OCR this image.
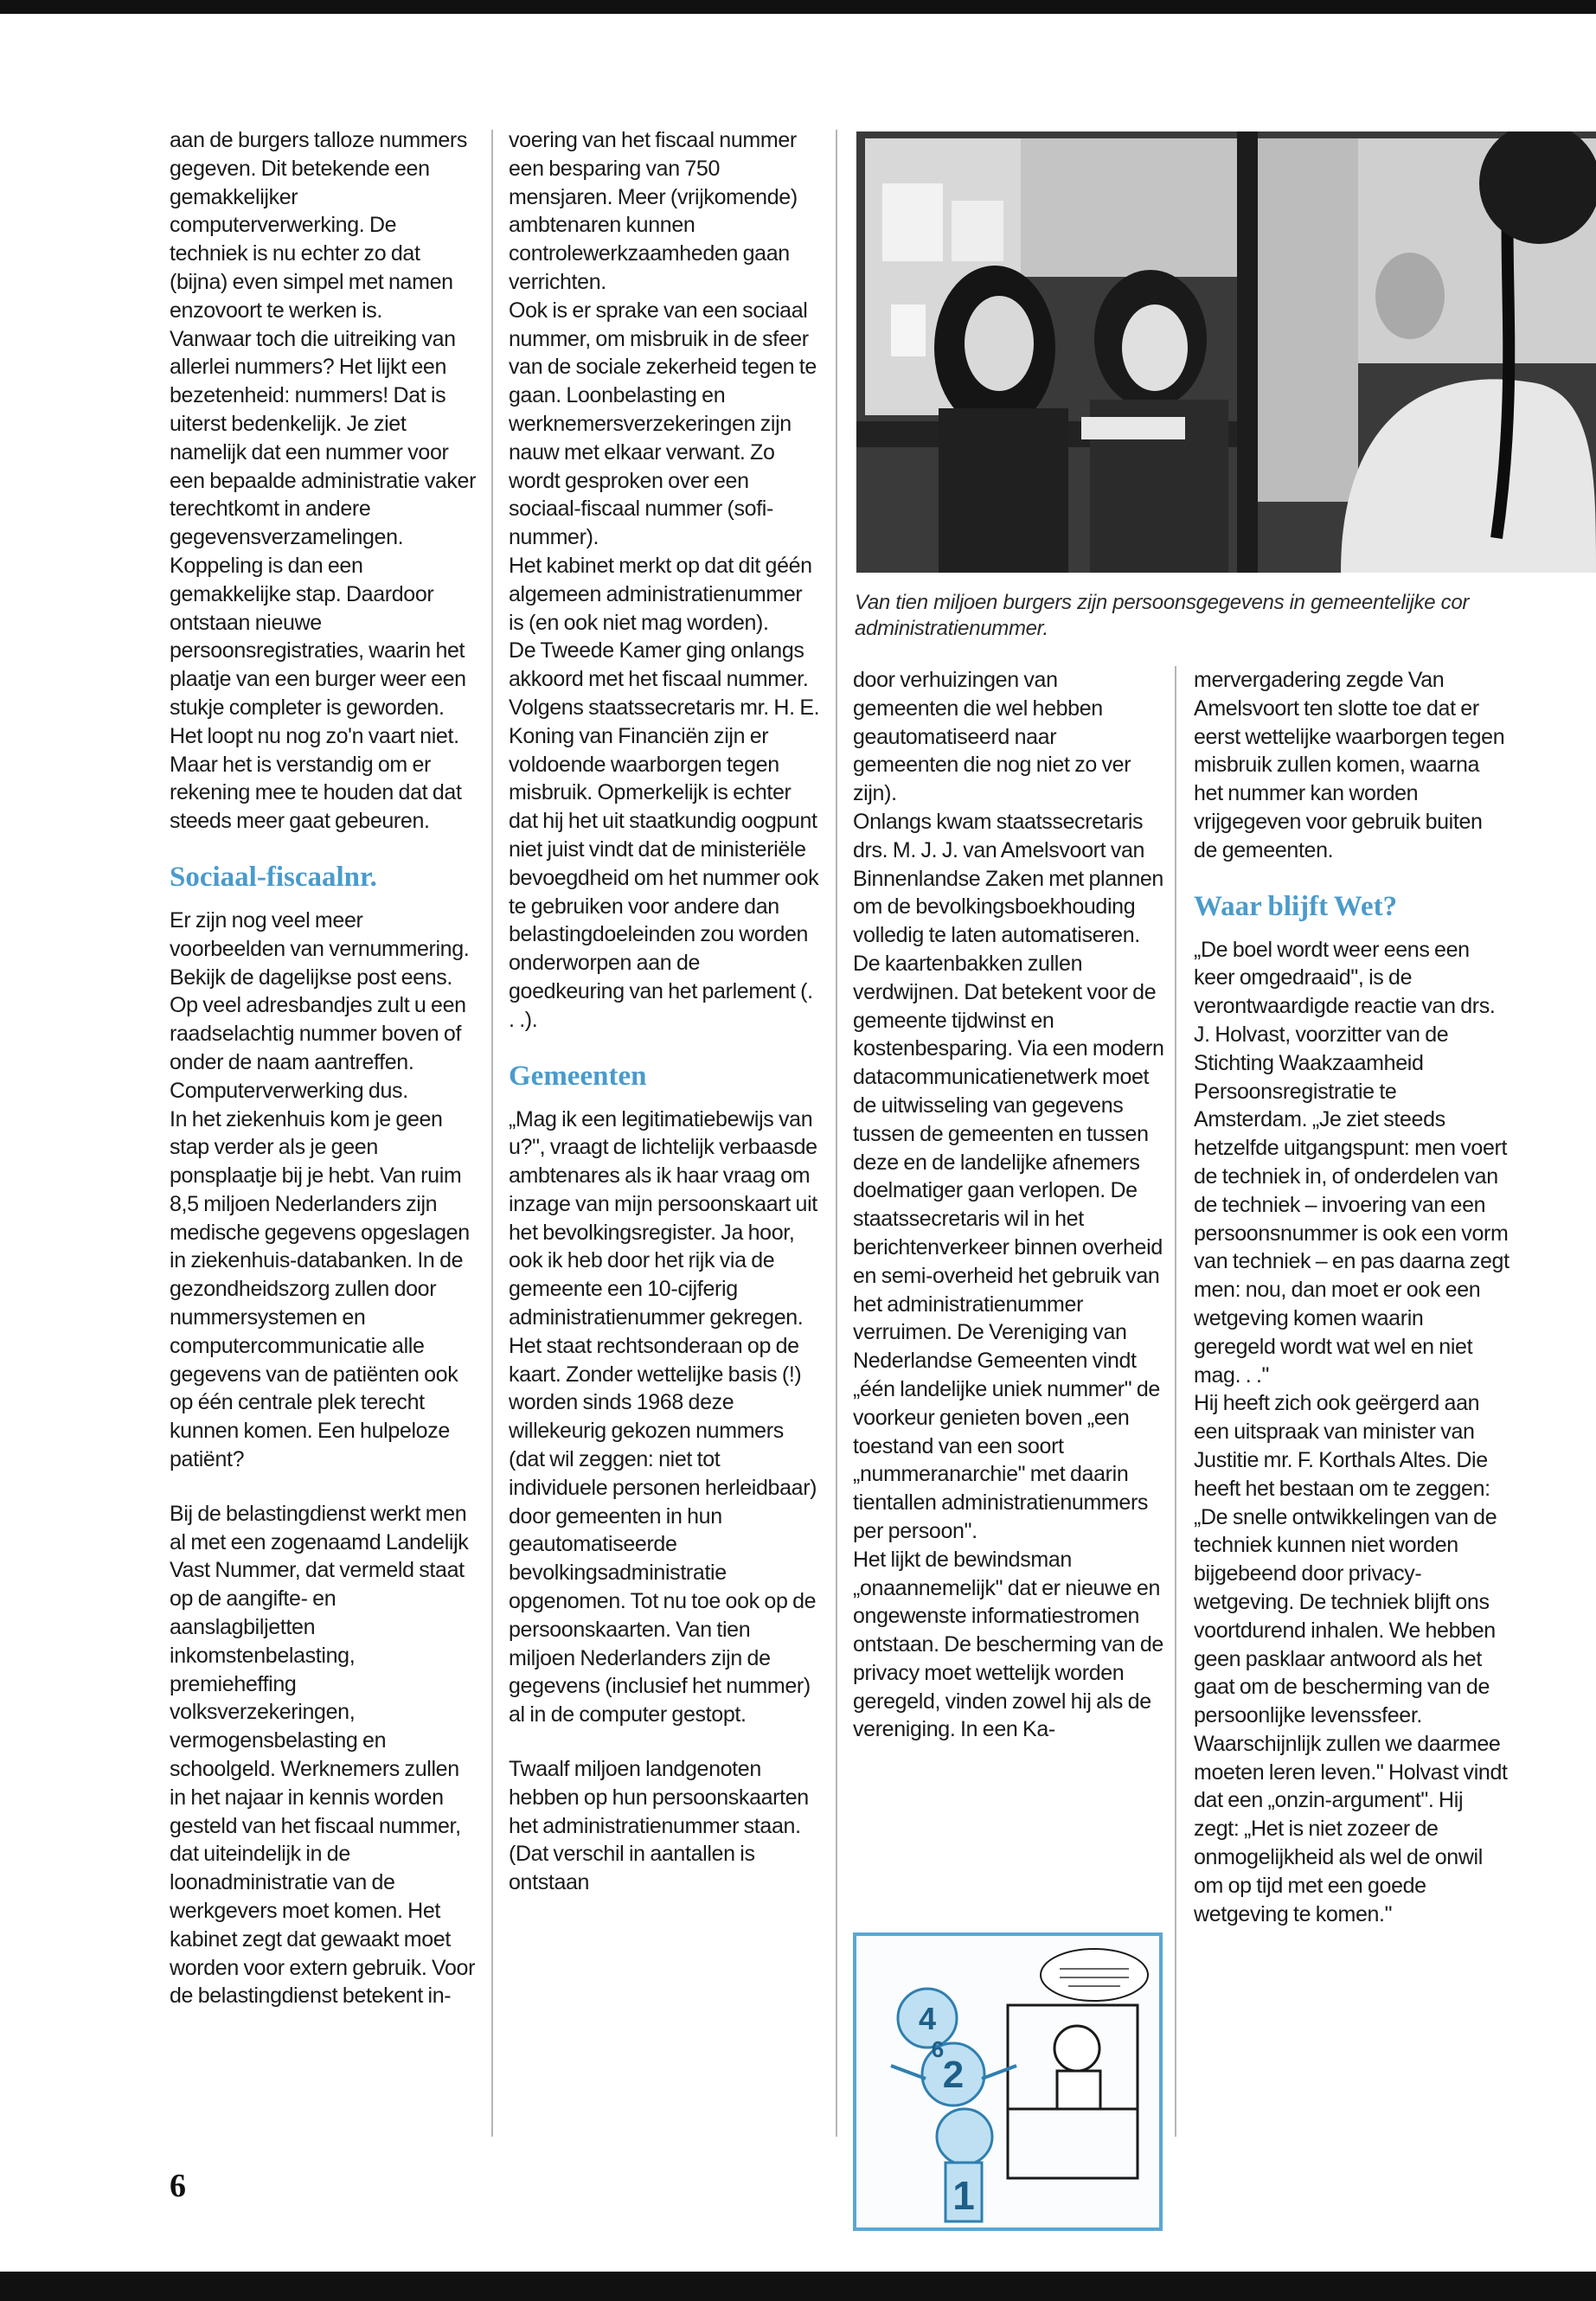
aan de burgers talloze nummers gegeven. Dit betekende een gemakkelijker computerverwerking. De techniek is nu echter zo dat (bijna) even simpel met namen enzovoort te werken is.

Vanwaar toch die uitreiking van allerlei nummers? Het lijkt een bezetenheid: nummers! Dat is uiterst bedenkelijk. Je ziet namelijk dat een nummer voor een bepaalde administratie vaker terechtkomt in andere gegevensverzamelingen.

Koppeling is dan een gemakkelijke stap. Daardoor ontstaan nieuwe persoonsregistraties, waarin het plaatje van een burger weer een stukje completer is geworden. Het loopt nu nog zo'n vaart niet. Maar het is verstandig om er rekening mee te houden dat dat steeds meer gaat gebeuren.

Sociaal-fiscaalnr.

Er zijn nog veel meer voorbeelden van vernummering. Bekijk de dagelijkse post eens. Op veel adresbandjes zult u een raadselachtig nummer boven of onder de naam aantreffen. Computerverwerking dus.

In het ziekenhuis kom je geen stap verder als je geen ponsplaatje bij je hebt. Van ruim 8,5 miljoen Nederlanders zijn medische gegevens opgeslagen in ziekenhuis-databanken. In de gezondheidszorg zullen door nummersystemen en computercommunicatie alle gegevens van de patiënten ook op één centrale plek terecht kunnen komen. Een hulpeloze patiënt?

Bij de belastingdienst werkt men al met een zogenaamd Landelijk Vast Nummer, dat vermeld staat op de aangifte- en aanslagbiljetten inkomstenbelasting, premieheffing volksverzekeringen, vermogensbelasting en schoolgeld. Werknemers zullen in het najaar in kennis worden gesteld van het fiscaal nummer, dat uiteindelijk in de loonadministratie van de werkgevers moet komen. Het kabinet zegt dat gewaakt moet worden voor extern gebruik. Voor de belastingdienst betekent in-

voering van het fiscaal nummer een besparing van 750 mensjaren. Meer (vrijkomende) ambtenaren kunnen controlewerkzaamheden gaan verrichten.

Ook is er sprake van een sociaal nummer, om misbruik in de sfeer van de sociale zekerheid tegen te gaan. Loonbelasting en werknemersverzekeringen zijn nauw met elkaar verwant. Zo wordt gesproken over een sociaal-fiscaal nummer (sofi-nummer).

Het kabinet merkt op dat dit géén algemeen administratienummer is (en ook niet mag worden).

De Tweede Kamer ging onlangs akkoord met het fiscaal nummer. Volgens staatssecretaris mr. H. E. Koning van Financiën zijn er voldoende waarborgen tegen misbruik. Opmerkelijk is echter dat hij het uit staatkundig oogpunt niet juist vindt dat de ministeriële bevoegdheid om het nummer ook te gebruiken voor andere dan belastingdoeleinden zou worden onderworpen aan de goedkeuring van het parlement (. . .).

Gemeenten

„Mag ik een legitimatiebewijs van u?", vraagt de lichtelijk verbaasde ambtenares als ik haar vraag om inzage van mijn persoonskaart uit het bevolkingsregister. Ja hoor, ook ik heb door het rijk via de gemeente een 10-cijferig administratienummer gekregen. Het staat rechtsonderaan op de kaart. Zonder wettelijke basis (!) worden sinds 1968 deze willekeurig gekozen nummers (dat wil zeggen: niet tot individuele personen herleidbaar) door gemeenten in hun geautomatiseerde bevolkingsadministratie opgenomen. Tot nu toe ook op de persoonskaarten. Van tien miljoen Nederlanders zijn de gegevens (inclusief het nummer) al in de computer gestopt.

Twaalf miljoen landgenoten hebben op hun persoonskaarten het administratienummer staan. (Dat verschil in aantallen is ontstaan

Van tien miljoen burgers zijn persoonsgegevens in gemeentelijke cor
administratienummer.

door verhuizingen van gemeenten die wel hebben geautomatiseerd naar gemeenten die nog niet zo ver zijn).

Onlangs kwam staatssecretaris drs. M. J. J. van Amelsvoort van Binnenlandse Zaken met plannen om de bevolkingsboekhouding volledig te laten automatiseren. De kaartenbakken zullen verdwijnen. Dat betekent voor de gemeente tijdwinst en kostenbesparing. Via een modern datacommunicatienetwerk moet de uitwisseling van gegevens tussen de gemeenten en tussen deze en de landelijke afnemers doelmatiger gaan verlopen. De staatssecretaris wil in het berichtenverkeer binnen overheid en semi-overheid het gebruik van het administratienummer verruimen. De Vereniging van Nederlandse Gemeenten vindt „één landelijke uniek nummer" de voorkeur genieten boven „een toestand van een soort „nummeranarchie" met daarin tientallen administratienummers per persoon".

Het lijkt de bewindsman „onaannemelijk" dat er nieuwe en ongewenste informatiestromen ontstaan. De bescherming van de privacy moet wettelijk worden geregeld, vinden zowel hij als de vereniging. In een Ka-

4
6
2
1

mervergadering zegde Van Amelsvoort ten slotte toe dat er eerst wettelijke waarborgen tegen misbruik zullen komen, waarna het nummer kan worden vrijgegeven voor gebruik buiten de gemeenten.

Waar blijft Wet?

„De boel wordt weer eens een keer omgedraaid", is de verontwaardigde reactie van drs. J. Holvast, voorzitter van de Stichting Waakzaamheid Persoonsregistratie te Amsterdam. „Je ziet steeds hetzelfde uitgangspunt: men voert de techniek in, of onderdelen van de techniek – invoering van een persoonsnummer is ook een vorm van techniek – en pas daarna zegt men: nou, dan moet er ook een wetgeving komen waarin geregeld wordt wat wel en niet mag. . ."

Hij heeft zich ook geërgerd aan een uitspraak van minister van Justitie mr. F. Korthals Altes. Die heeft het bestaan om te zeggen: „De snelle ontwikkelingen van de techniek kunnen niet worden bijgebeend door privacy-wetgeving. De techniek blijft ons voortdurend inhalen. We hebben geen pasklaar antwoord als het gaat om de bescherming van de persoonlijke levenssfeer. Waarschijnlijk zullen we daarmee moeten leren leven." Holvast vindt dat een „onzin-argument". Hij zegt: „Het is niet zozeer de onmogelijkheid als wel de onwil om op tijd met een goede wetgeving te komen."

6
